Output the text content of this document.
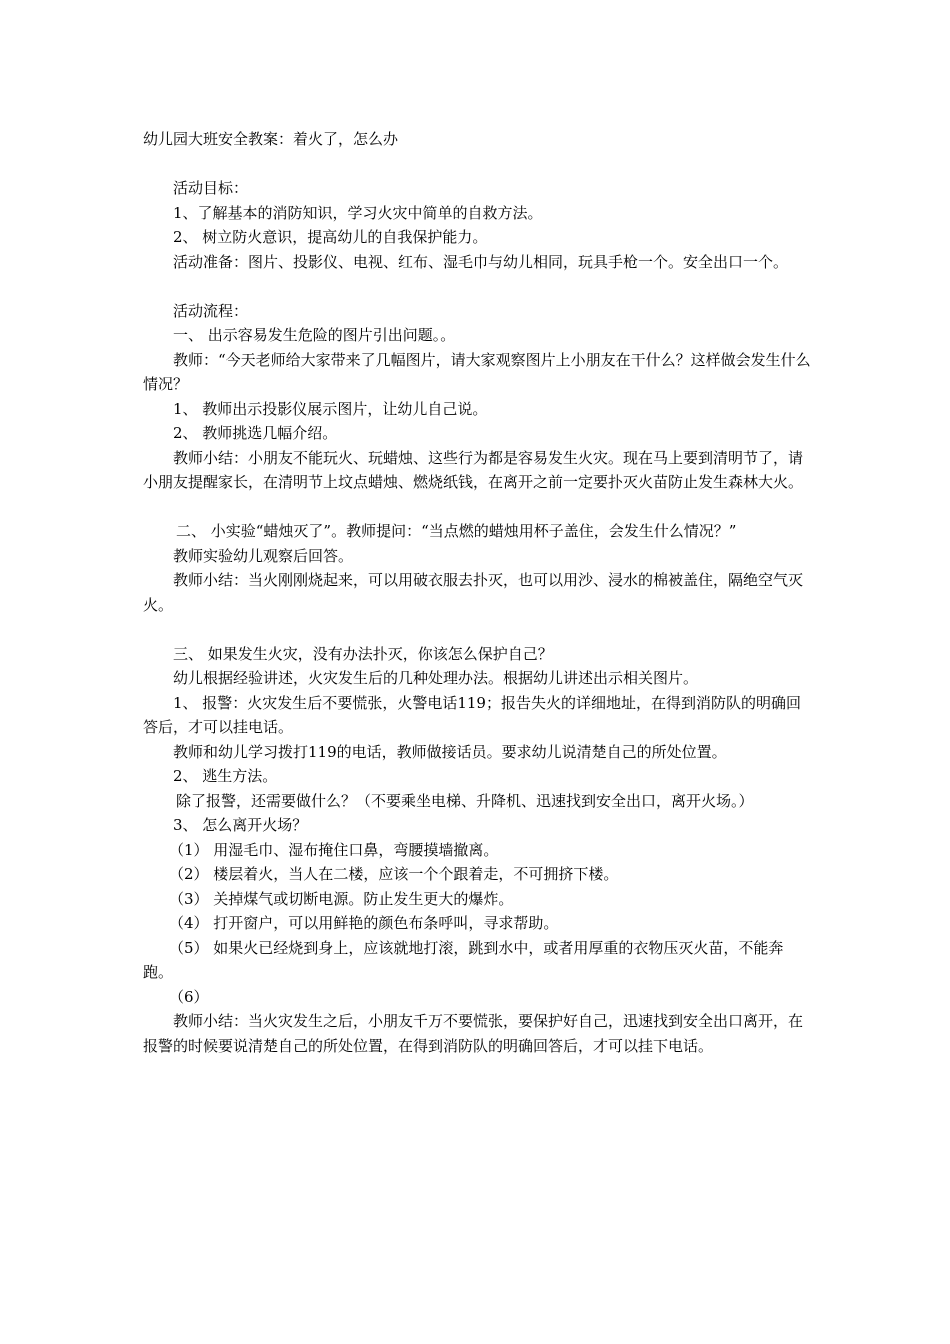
幼儿园大班安全教案：着火了，怎么办

活动目标：

1、了解基本的消防知识，学习火灾中简单的自救方法。

2、 树立防火意识，提高幼儿的自我保护能力。

活动准备：图片、投影仪、电视、红布、湿毛巾与幼儿相同，玩具手枪一个。安全出口一个。

活动流程：

一、 出示容易发生危险的图片引出问题。。

教师：“今天老师给大家带来了几幅图片，请大家观察图片上小朋友在干什么？这样做会发生什么情况？

1、 教师出示投影仪展示图片，让幼儿自己说。

2、 教师挑选几幅介绍。

教师小结：小朋友不能玩火、玩蜡烛、这些行为都是容易发生火灾。现在马上要到清明节了，请小朋友提醒家长，在清明节上坟点蜡烛、燃烧纸钱，在离开之前一定要扑灭火苗防止发生森林大火。

二、 小实验“蜡烛灭了”。教师提问：“当点燃的蜡烛用杯子盖住，会发生什么情况？”

教师实验幼儿观察后回答。

教师小结：当火刚刚烧起来，可以用破衣服去扑灭，也可以用沙、浸水的棉被盖住，隔绝空气灭火。

三、 如果发生火灾，没有办法扑灭，你该怎么保护自己？

幼儿根据经验讲述，火灾发生后的几种处理办法。根据幼儿讲述出示相关图片。

1、 报警：火灾发生后不要慌张，火警电话119；报告失火的详细地址，在得到消防队的明确回答后，才可以挂电话。

教师和幼儿学习拨打119的电话，教师做接话员。要求幼儿说清楚自己的所处位置。

2、 逃生方法。

除了报警，还需要做什么？（不要乘坐电梯、升降机、迅速找到安全出口，离开火场。）

3、 怎么离开火场？

（1） 用湿毛巾、湿布掩住口鼻，弯腰摸墙撤离。

（2） 楼层着火，当人在二楼，应该一个个跟着走，不可拥挤下楼。

（3） 关掉煤气或切断电源。防止发生更大的爆炸。

（4） 打开窗户，可以用鲜艳的颜色布条呼叫，寻求帮助。

（5） 如果火已经烧到身上，应该就地打滚，跳到水中，或者用厚重的衣物压灭火苗，不能奔跑。

（6）

教师小结：当火灾发生之后，小朋友千万不要慌张，要保护好自己，迅速找到安全出口离开，在报警的时候要说清楚自己的所处位置，在得到消防队的明确回答后，才可以挂下电话。
